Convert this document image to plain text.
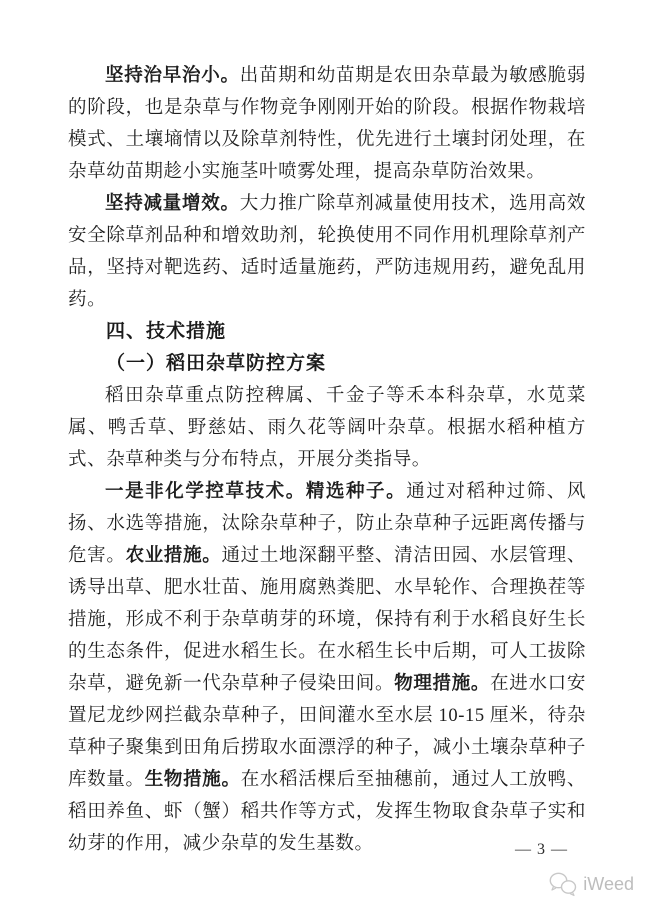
坚持治早治小。出苗期和幼苗期是农田杂草最为敏感脆弱的阶段，也是杂草与作物竞争刚刚开始的阶段。根据作物栽培模式、土壤墒情以及除草剂特性，优先进行土壤封闭处理，在杂草幼苗期趁小实施茎叶喷雾处理，提高杂草防治效果。

坚持减量增效。大力推广除草剂减量使用技术，选用高效安全除草剂品种和增效助剂，轮换使用不同作用机理除草剂产品，坚持对靶选药、适时适量施药，严防违规用药，避免乱用药。

四、技术措施
（一）稻田杂草防控方案

稻田杂草重点防控稗属、千金子等禾本科杂草，水苋菜属、鸭舌草、野慈姑、雨久花等阔叶杂草。根据水稻种植方式、杂草种类与分布特点，开展分类指导。

一是非化学控草技术。精选种子。通过对稻种过筛、风扬、水选等措施，汰除杂草种子，防止杂草种子远距离传播与危害。农业措施。通过土地深翻平整、清洁田园、水层管理、诱导出草、肥水壮苗、施用腐熟粪肥、水旱轮作、合理换茬等措施，形成不利于杂草萌芽的环境，保持有利于水稻良好生长的生态条件，促进水稻生长。在水稻生长中后期，可人工拔除杂草，避免新一代杂草种子侵染田间。物理措施。在进水口安置尼龙纱网拦截杂草种子，田间灌水至水层 10-15 厘米，待杂草种子聚集到田角后捞取水面漂浮的种子，减小土壤杂草种子库数量。生物措施。在水稻活棵后至抽穗前，通过人工放鸭、稻田养鱼、虾（蟹）稻共作等方式，发挥生物取食杂草子实和幼芽的作用，减少杂草的发生基数。	— 3 —
iWeed
